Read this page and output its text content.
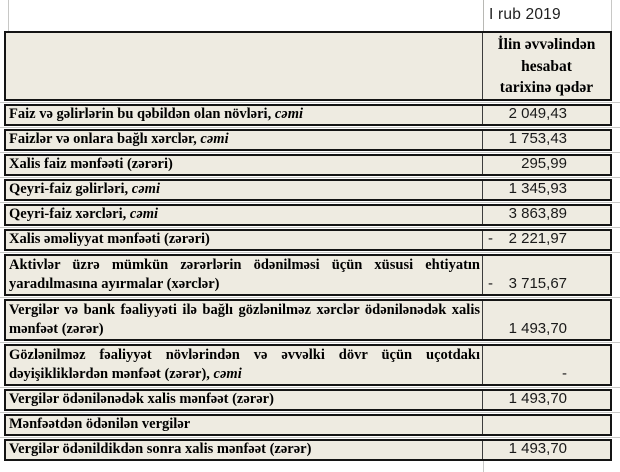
I rub 2019
İlin əvvəlindən
hesabat
tarixinə qədər
Faiz və gəlirlərin bu qəbildən olan növləri, cəmi	2 049,43
Faizlər və onlara bağlı xərclər, cəmi	1 753,43
Xalis faiz mənfəəti (zərəri)	295,99
Qeyri-faiz gəlirləri, cəmi	1 345,93
Qeyri-faiz xərcləri, cəmi	3 863,89
Xalis əməliyyat mənfəəti (zərəri)	-	2 221,97
Aktivlər üzrə mümkün zərərlərin ödənilməsi üçün xüsusi ehtiyatın yaradılmasına ayırmalar (xərclər)	-	3 715,67
Vergilər və bank fəaliyyəti ilə bağlı gözlənilməz xərclər ödənilənədək xalis mənfəət (zərər)	1 493,70
Gözlənilməz fəaliyyət növlərindən və əvvəlki dövr üçün uçotdakı dəyişikliklərdən mənfəət (zərər), cəmi	-
Vergilər ödənilənədək xalis mənfəət (zərər)	1 493,70
Mənfəətdən ödənilən vergilər
Vergilər ödənildikdən sonra xalis mənfəət (zərər)	1 493,70
